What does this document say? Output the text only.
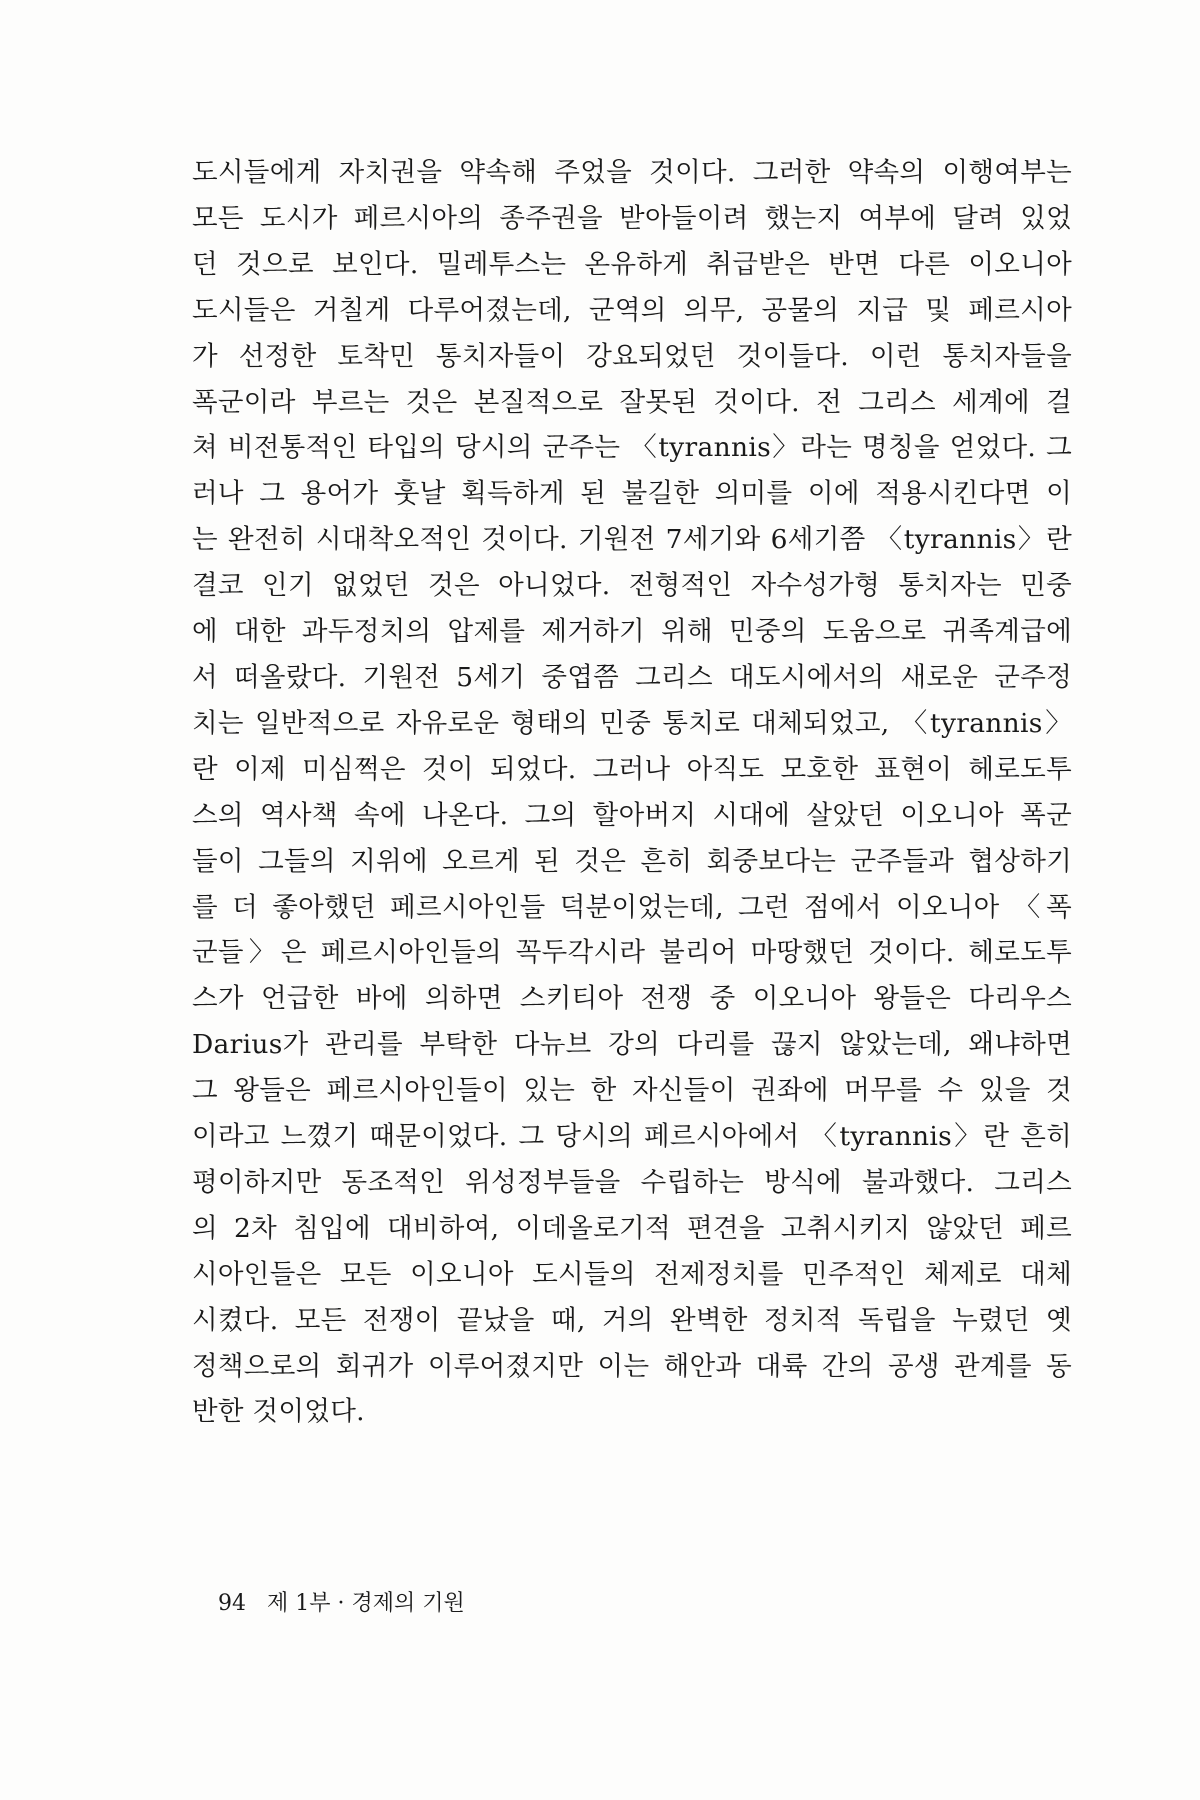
도시들에게 자치권을 약속해 주었을 것이다. 그러한 약속의 이행여부는
모든 도시가 페르시아의 종주권을 받아들이려 했는지 여부에 달려 있었
던 것으로 보인다. 밀레투스는 온유하게 취급받은 반면 다른 이오니아
도시들은 거칠게 다루어졌는데, 군역의 의무, 공물의 지급 및 페르시아
가 선정한 토착민 통치자들이 강요되었던 것이들다. 이런 통치자들을
폭군이라 부르는 것은 본질적으로 잘못된 것이다. 전 그리스 세계에 걸
쳐 비전통적인 타입의 당시의 군주는 〈tyrannis〉라는 명칭을 얻었다. 그
러나 그 용어가 훗날 획득하게 된 불길한 의미를 이에 적용시킨다면 이
는 완전히 시대착오적인 것이다. 기원전 7세기와 6세기쯤 〈tyrannis〉란
결코 인기 없었던 것은 아니었다. 전형적인 자수성가형 통치자는 민중
에 대한 과두정치의 압제를 제거하기 위해 민중의 도움으로 귀족계급에
서 떠올랐다. 기원전 5세기 중엽쯤 그리스 대도시에서의 새로운 군주정
치는 일반적으로 자유로운 형태의 민중 통치로 대체되었고, 〈tyrannis〉
란 이제 미심쩍은 것이 되었다. 그러나 아직도 모호한 표현이 헤로도투
스의 역사책 속에 나온다. 그의 할아버지 시대에 살았던 이오니아 폭군
들이 그들의 지위에 오르게 된 것은 흔히 회중보다는 군주들과 협상하기
를 더 좋아했던 페르시아인들 덕분이었는데, 그런 점에서 이오니아 〈폭
군들〉은 페르시아인들의 꼭두각시라 불리어 마땅했던 것이다. 헤로도투
스가 언급한 바에 의하면 스키티아 전쟁 중 이오니아 왕들은 다리우스
Darius가 관리를 부탁한 다뉴브 강의 다리를 끊지 않았는데, 왜냐하면
그 왕들은 페르시아인들이 있는 한 자신들이 권좌에 머무를 수 있을 것
이라고 느꼈기 때문이었다. 그 당시의 페르시아에서 〈tyrannis〉란 흔히
평이하지만 동조적인 위성정부들을 수립하는 방식에 불과했다. 그리스
의 2차 침입에 대비하여, 이데올로기적 편견을 고취시키지 않았던 페르
시아인들은 모든 이오니아 도시들의 전제정치를 민주적인 체제로 대체
시켰다. 모든 전쟁이 끝났을 때, 거의 완벽한 정치적 독립을 누렸던 옛
정책으로의 회귀가 이루어졌지만 이는 해안과 대륙 간의 공생 관계를 동
반한 것이었다.
94 제 1부 · 경제의 기원
